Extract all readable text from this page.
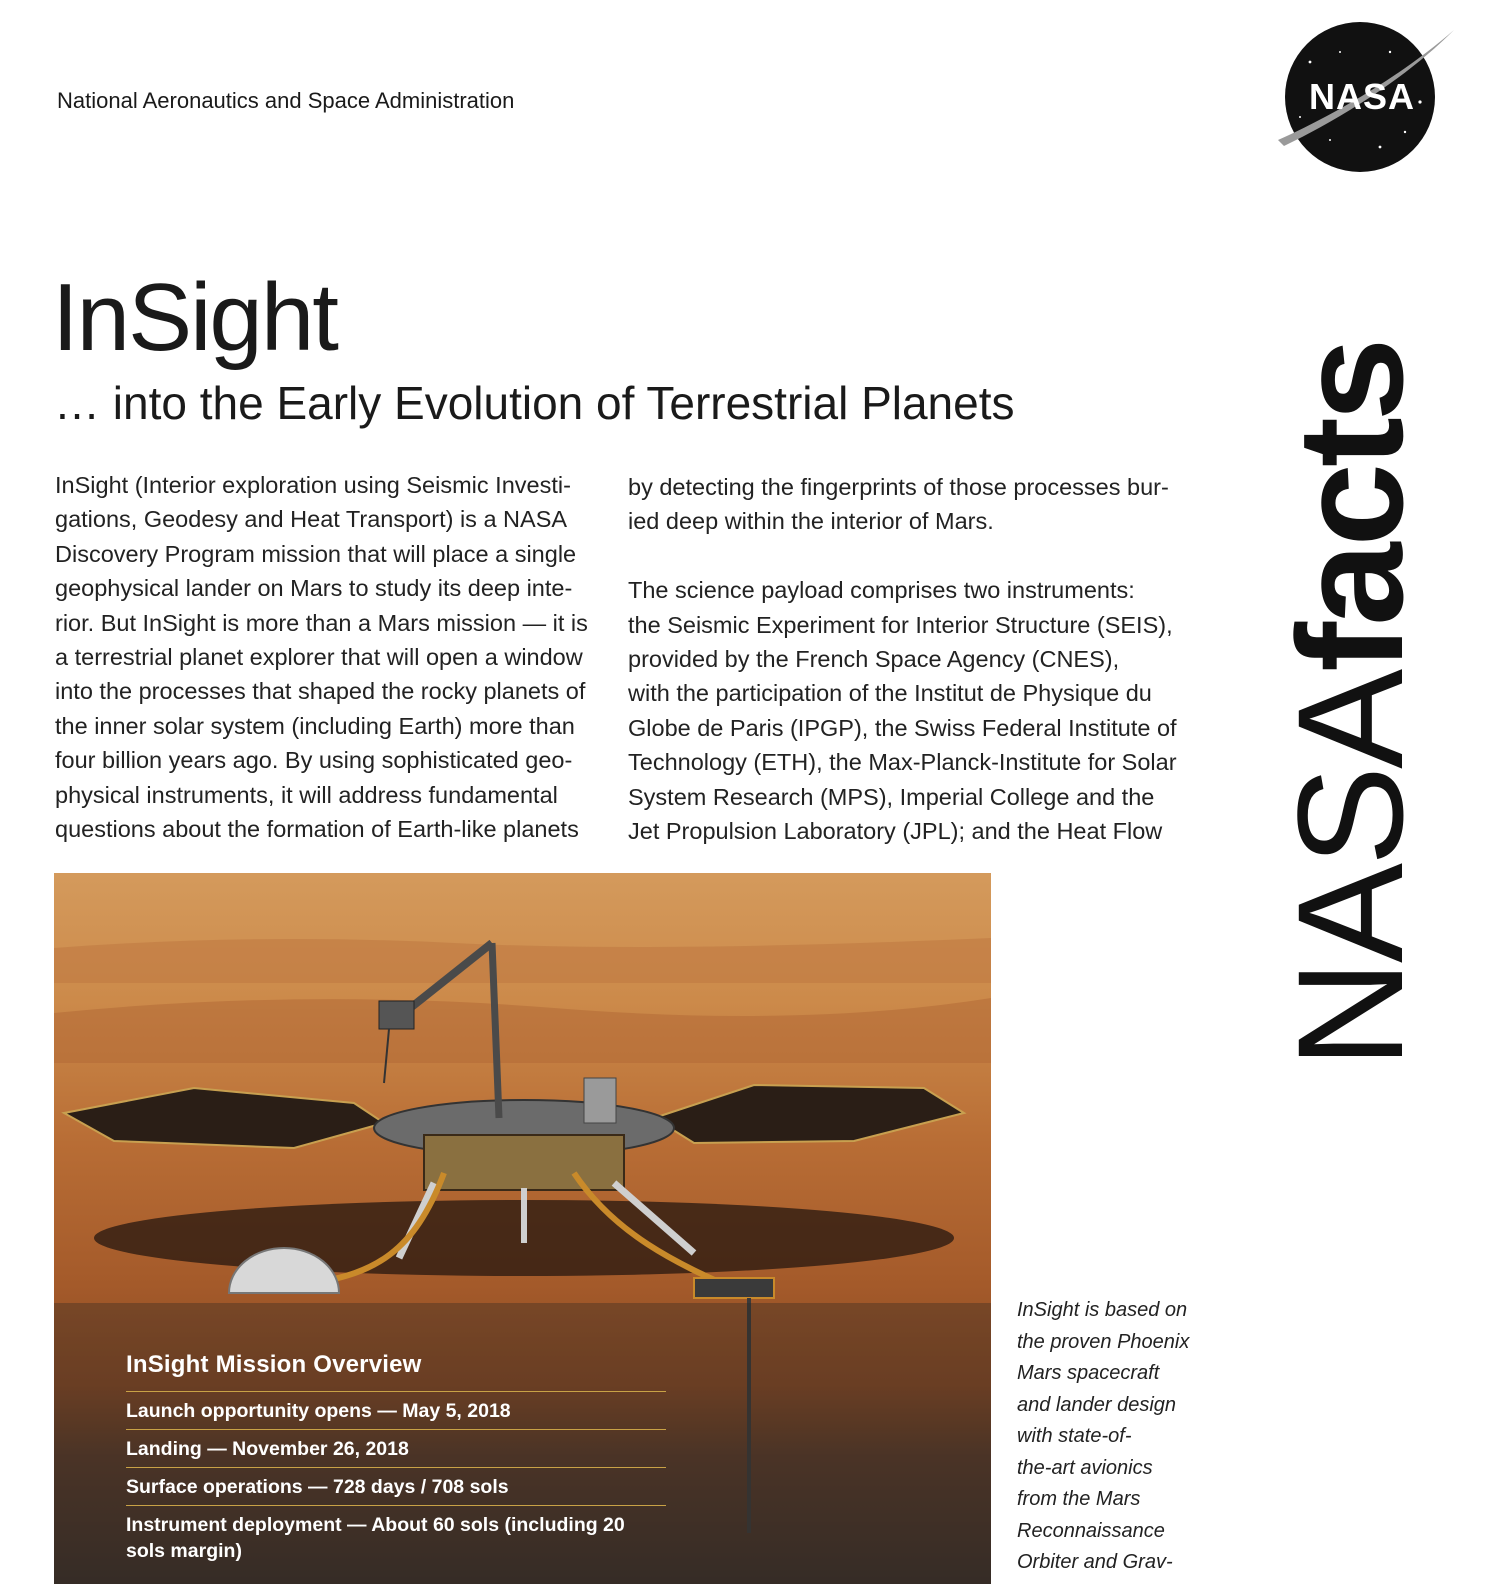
National Aeronautics and Space Administration	NASA
InSight
… into the Early Evolution of Terrestrial Planets

InSight (Interior exploration using Seismic Investi-

gations, Geodesy and Heat Transport) is a NASA

Discovery Program mission that will place a single

geophysical lander on Mars to study its deep inte-

rior. But InSight is more than a Mars mission — it is

a terrestrial planet explorer that will open a window

into the processes that shaped the rocky planets of

the inner solar system (including Earth) more than

four billion years ago. By using sophisticated geo-

physical instruments, it will address fundamental

questions about the formation of Earth-like planets

by detecting the fingerprints of those processes bur-

ied deep within the interior of Mars.

The science payload comprises two instruments:

the Seismic Experiment for Interior Structure (SEIS),

provided by the French Space Agency (CNES),

with the participation of the Institut de Physique du

Globe de Paris (IPGP), the Swiss Federal Institute of

Technology (ETH), the Max-Planck-Institute for Solar

System Research (MPS), Imperial College and the

Jet Propulsion Laboratory (JPL); and the Heat Flow NASAfacts
InSight Mission Overview
Launch opportunity opens — May 5, 2018
Landing — November 26, 2018
Surface operations — 728 days / 708 sols
Instrument deployment — About 60 sols (including 20 sols margin)

InSight is based on

the proven Phoenix

Mars spacecraft

and lander design

with state-of-

the-art avionics

from the Mars

Reconnaissance

Orbiter and Grav-
